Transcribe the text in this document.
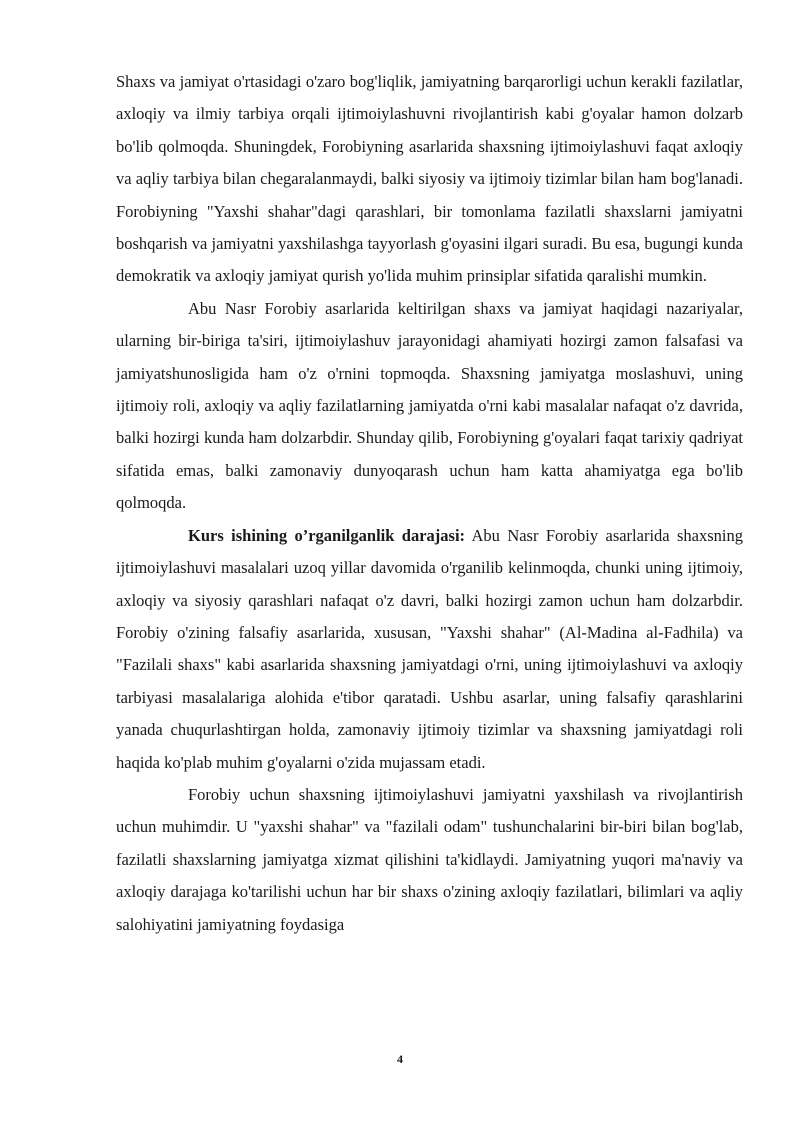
Shaxs va jamiyat o'rtasidagi o'zaro bog'liqlik, jamiyatning barqarorligi uchun kerakli fazilatlar, axloqiy va ilmiy tarbiya orqali ijtimoiylashuvni rivojlantirish kabi g'oyalar hamon dolzarb bo'lib qolmoqda. Shuningdek, Forobiyning asarlarida shaxsning ijtimoiylashuvi faqat axloqiy va aqliy tarbiya bilan chegaralanmaydi, balki siyosiy va ijtimoiy tizimlar bilan ham bog'lanadi. Forobiyning "Yaxshi shahar"dagi qarashlari, bir tomonlama fazilatli shaxslarni jamiyatni boshqarish va jamiyatni yaxshilashga tayyorlash g'oyasini ilgari suradi. Bu esa, bugungi kunda demokratik va axloqiy jamiyat qurish yo'lida muhim prinsiplar sifatida qaralishi mumkin.

Abu Nasr Forobiy asarlarida keltirilgan shaxs va jamiyat haqidagi nazariyalar, ularning bir-biriga ta'siri, ijtimoiylashuv jarayonidagi ahamiyati hozirgi zamon falsafasi va jamiyatshunosligida ham o'z o'rnini topmoqda. Shaxsning jamiyatga moslashuvi, uning ijtimoiy roli, axloqiy va aqliy fazilatlarning jamiyatda o'rni kabi masalalar nafaqat o'z davrida, balki hozirgi kunda ham dolzarbdir. Shunday qilib, Forobiyning g'oyalari faqat tarixiy qadriyat sifatida emas, balki zamonaviy dunyoqarash uchun ham katta ahamiyatga ega bo'lib qolmoqda.

Kurs ishining o’rganilganlik darajasi: Abu Nasr Forobiy asarlarida shaxsning ijtimoiylashuvi masalalari uzoq yillar davomida o'rganilib kelinmoqda, chunki uning ijtimoiy, axloqiy va siyosiy qarashlari nafaqat o'z davri, balki hozirgi zamon uchun ham dolzarbdir. Forobiy o'zining falsafiy asarlarida, xususan, "Yaxshi shahar" (Al-Madina al-Fadhila) va "Fazilali shaxs" kabi asarlarida shaxsning jamiyatdagi o'rni, uning ijtimoiylashuvi va axloqiy tarbiyasi masalalariga alohida e'tibor qaratadi. Ushbu asarlar, uning falsafiy qarashlarini yanada chuqurlashtirgan holda, zamonaviy ijtimoiy tizimlar va shaxsning jamiyatdagi roli haqida ko'plab muhim g'oyalarni o'zida mujassam etadi.

Forobiy uchun shaxsning ijtimoiylashuvi jamiyatni yaxshilash va rivojlantirish uchun muhimdir. U "yaxshi shahar" va "fazilali odam" tushunchalarini bir-biri bilan bog'lab, fazilatli shaxslarning jamiyatga xizmat qilishini ta'kidlaydi. Jamiyatning yuqori ma'naviy va axloqiy darajaga ko'tarilishi uchun har bir shaxs o'zining axloqiy fazilatlari, bilimlari va aqliy salohiyatini jamiyatning foydasiga

4
